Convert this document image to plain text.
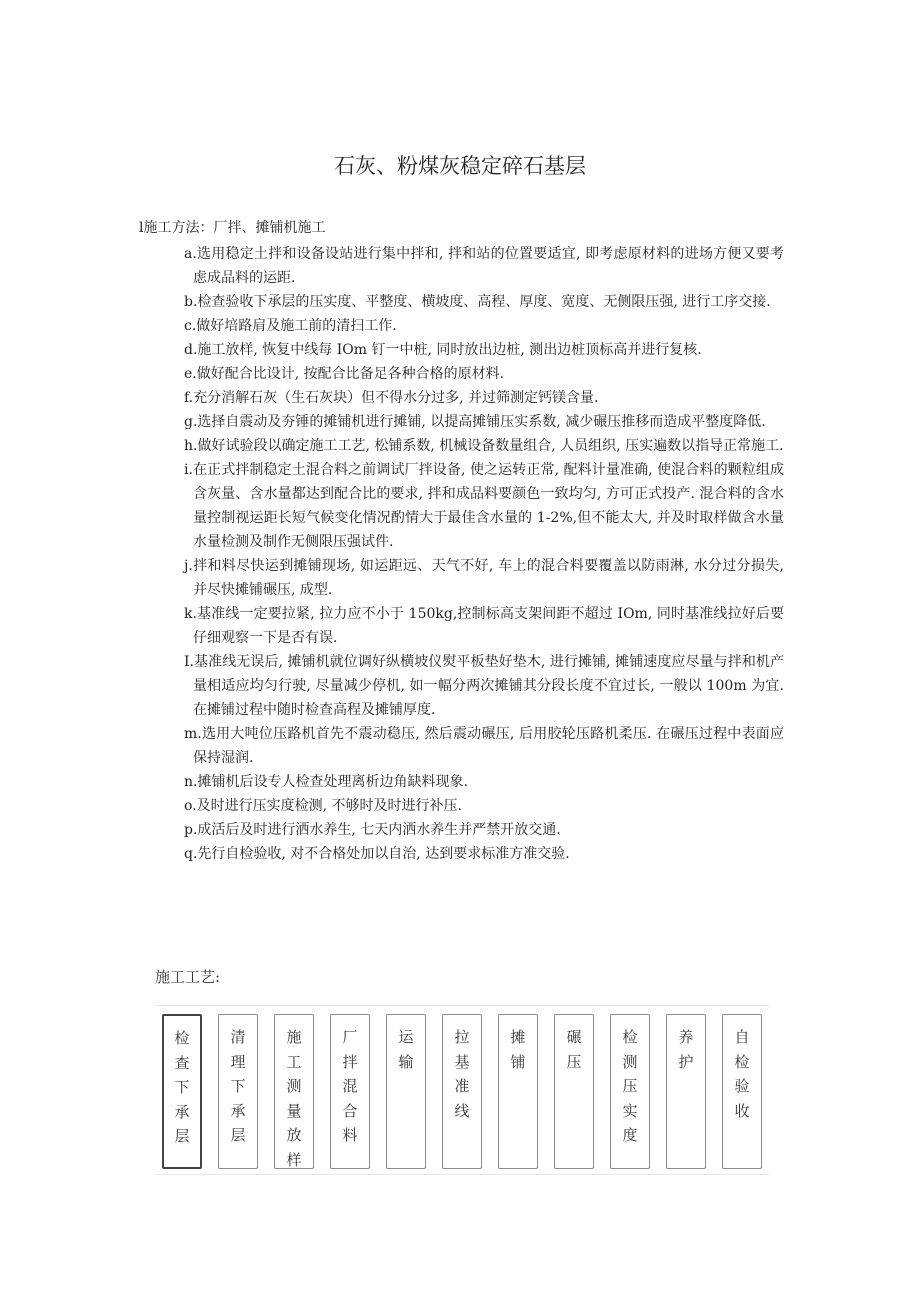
石灰、粉煤灰稳定碎石基层
l施工方法：厂拌、摊铺机施工
a.选用稳定土拌和设备设站进行集中拌和, 拌和站的位置要适宜, 即考虑原材料的进场方便又要考虑成品料的运距.
b.检查验收下承层的压实度、平整度、横坡度、高程、厚度、宽度、无侧限压强, 进行工序交接.
c.做好培路肩及施工前的清扫工作.
d.施工放样, 恢复中线每 IOm 钉一中桩, 同时放出边桩, 测出边桩顶标高并进行复核.
e.做好配合比设计, 按配合比备足各种合格的原材料.
f.充分消解石灰（生石灰块）但不得水分过多, 并过筛测定钙镁含量.
g.选择自震动及夯锤的摊铺机进行摊铺, 以提高摊铺压实系数, 减少碾压推移而造成平整度降低.
h.做好试验段以确定施工工艺, 松铺系数, 机械设备数量组合, 人员组织, 压实遍数以指导正常施工.
i.在正式拌制稳定土混合料之前调试厂拌设备, 使之运转正常, 配料计量准确, 使混合料的颗粒组成含灰量、含水量都达到配合比的要求, 拌和成品料要颜色一致均匀, 方可正式投产. 混合料的含水量控制视运距长短气候变化情况酌情大于最佳含水量的 1-2%,但不能太大, 并及时取样做含水量水量检测及制作无侧限压强试件.
j.拌和料尽快运到摊铺现场, 如运距远、天气不好, 车上的混合料要覆盖以防雨淋, 水分过分损失, 并尽快摊铺碾压, 成型.
k.基准线一定要拉紧, 拉力应不小于 150kg,控制标高支架间距不超过 IOm, 同时基准线拉好后要仔细观察一下是否有误.
I.基准线无误后, 摊铺机就位调好纵横坡仪熨平板垫好垫木, 进行摊铺, 摊铺速度应尽量与拌和机产量相适应均匀行驶, 尽量减少停机, 如一幅分两次摊铺其分段长度不宜过长, 一般以 100m 为宜. 在摊铺过程中随时检查高程及摊铺厚度.
m.选用大吨位压路机首先不震动稳压, 然后震动碾压, 后用胶轮压路机柔压. 在碾压过程中表面应保持湿润.
n.摊铺机后设专人检查处理离析边角缺料现象.
o.及时进行压实度检测, 不够时及时进行补压.
p.成活后及时进行洒水养生, 七天内洒水养生并严禁开放交通.
q.先行自检验收, 对不合格处加以自治, 达到要求标准方准交验.
施工工艺:
检查下承层
清理下承层
施工测量放样
厂拌混合料
运输
拉基准线
摊铺
碾压
检测压实度
养护
自检验收
